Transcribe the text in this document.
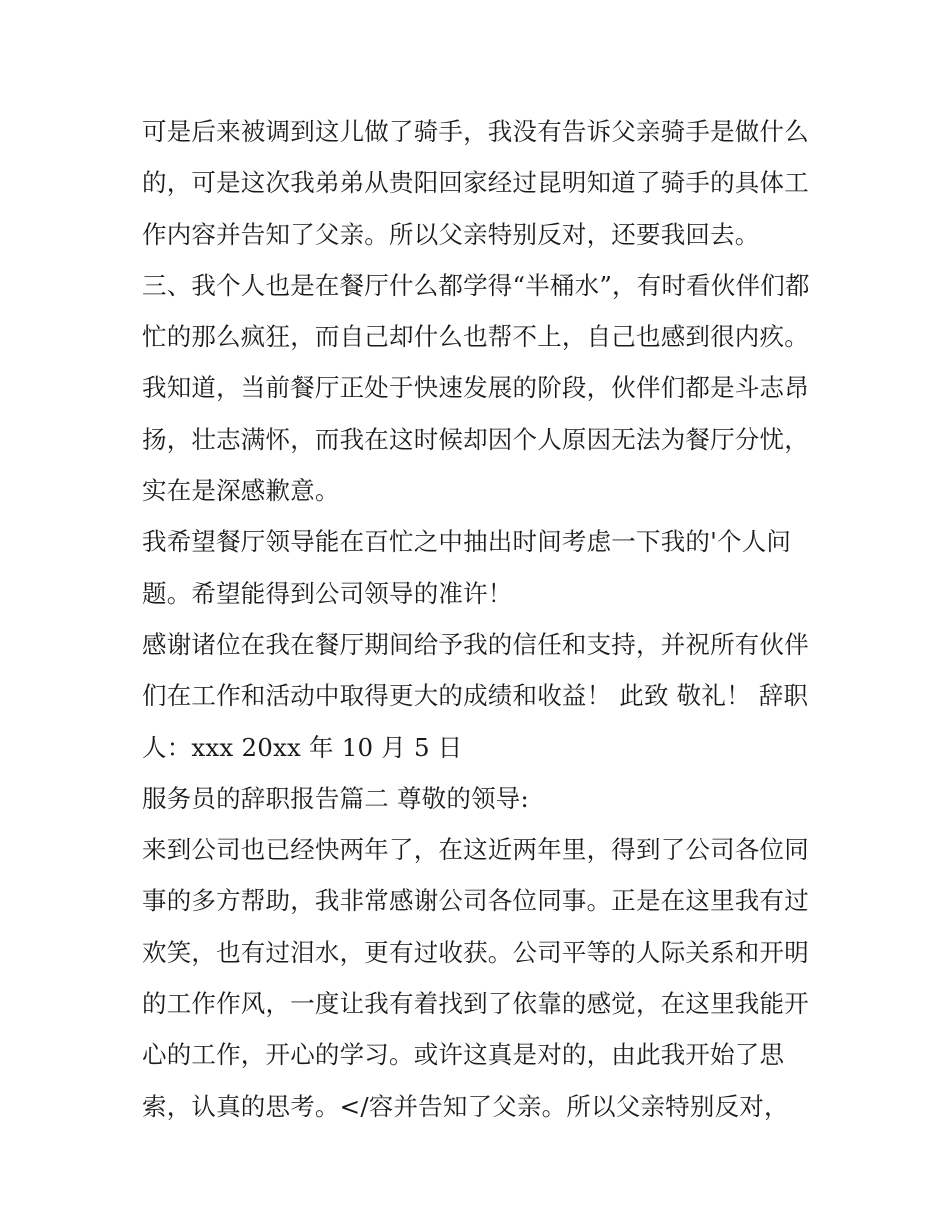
可是后来被调到这儿做了骑手，我没有告诉父亲骑手是做什么
的，可是这次我弟弟从贵阳回家经过昆明知道了骑手的具体工
作内容并告知了父亲。所以父亲特别反对，还要我回去。
三、我个人也是在餐厅什么都学得“半桶水”，有时看伙伴们都
忙的那么疯狂，而自己却什么也帮不上，自己也感到很内疚。
我知道，当前餐厅正处于快速发展的阶段，伙伴们都是斗志昂
扬，壮志满怀，而我在这时候却因个人原因无法为餐厅分忧，
实在是深感歉意。
我希望餐厅领导能在百忙之中抽出时间考虑一下我的'个人问
题。希望能得到公司领导的准许！
感谢诸位在我在餐厅期间给予我的信任和支持，并祝所有伙伴
们在工作和活动中取得更大的成绩和收益！ 此致 敬礼！ 辞职
人：xxx 20xx 年 10 月 5 日
服务员的辞职报告篇二 尊敬的领导:
来到公司也已经快两年了，在这近两年里，得到了公司各位同
事的多方帮助，我非常感谢公司各位同事。正是在这里我有过
欢笑，也有过泪水，更有过收获。公司平等的人际关系和开明
的工作作风，一度让我有着找到了依靠的感觉，在这里我能开
心的工作，开心的学习。或许这真是对的，由此我开始了思
索，认真的思考。</容并告知了父亲。所以父亲特别反对，
